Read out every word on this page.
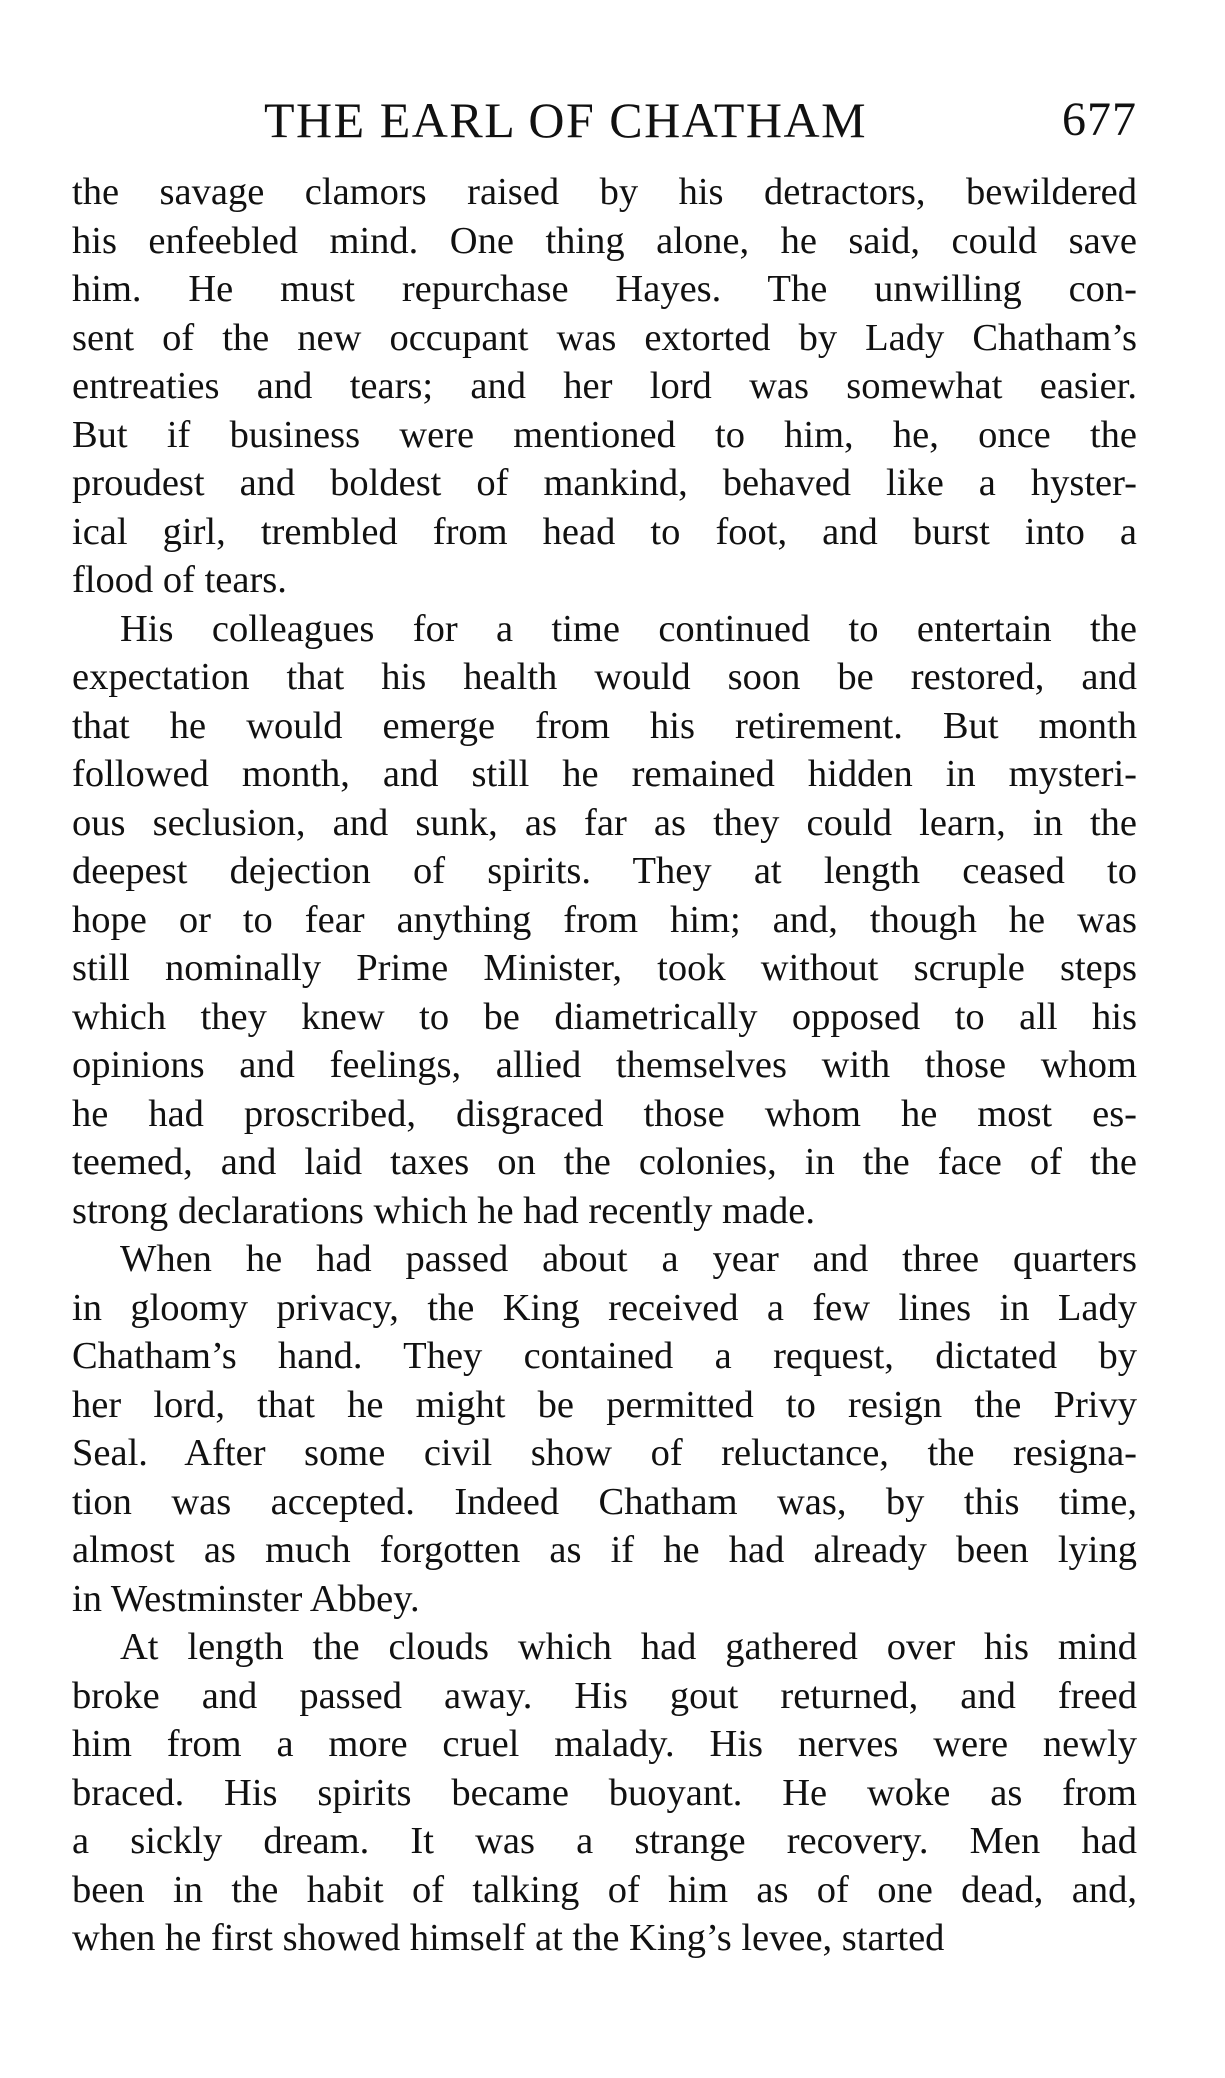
THE EARL OF CHATHAM	677
the savage clamors raised by his detractors, bewildered
his enfeebled mind. One thing alone, he said, could save
him. He must repurchase Hayes. The unwilling con-
sent of the new occupant was extorted by Lady Chatham’s
entreaties and tears; and her lord was somewhat easier.
But if business were mentioned to him, he, once the
proudest and boldest of mankind, behaved like a hyster-
ical girl, trembled from head to foot, and burst into a
flood of tears.
His colleagues for a time continued to entertain the
expectation that his health would soon be restored, and
that he would emerge from his retirement. But month
followed month, and still he remained hidden in mysteri-
ous seclusion, and sunk, as far as they could learn, in the
deepest dejection of spirits. They at length ceased to
hope or to fear anything from him; and, though he was
still nominally Prime Minister, took without scruple steps
which they knew to be diametrically opposed to all his
opinions and feelings, allied themselves with those whom
he had proscribed, disgraced those whom he most es-
teemed, and laid taxes on the colonies, in the face of the
strong declarations which he had recently made.
When he had passed about a year and three quarters
in gloomy privacy, the King received a few lines in Lady
Chatham’s hand. They contained a request, dictated by
her lord, that he might be permitted to resign the Privy
Seal. After some civil show of reluctance, the resigna-
tion was accepted. Indeed Chatham was, by this time,
almost as much forgotten as if he had already been lying
in Westminster Abbey.
At length the clouds which had gathered over his mind
broke and passed away. His gout returned, and freed
him from a more cruel malady. His nerves were newly
braced. His spirits became buoyant. He woke as from
a sickly dream. It was a strange recovery. Men had
been in the habit of talking of him as of one dead, and,
when he first showed himself at the King’s levee, started
